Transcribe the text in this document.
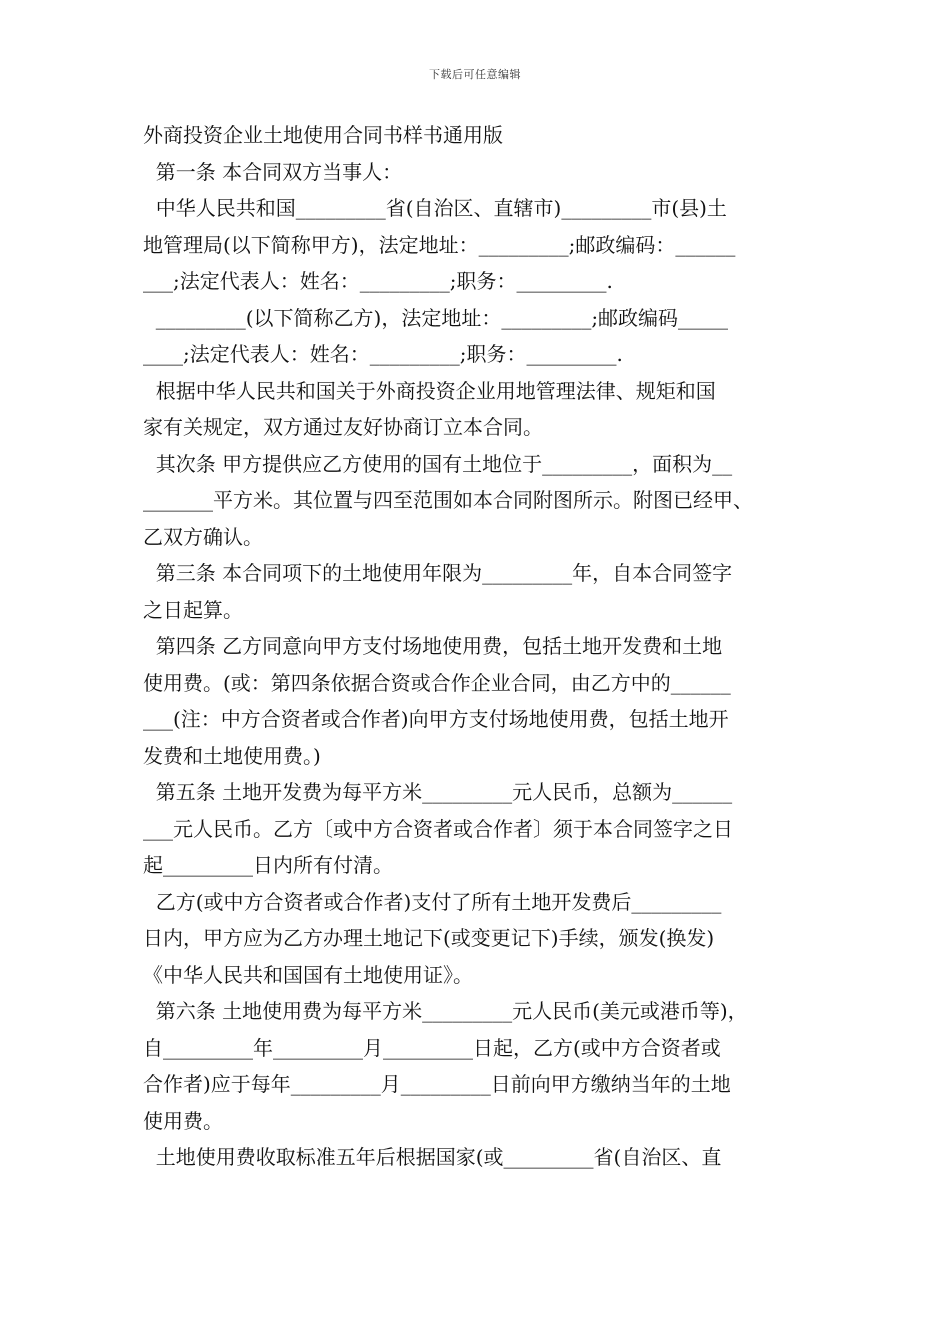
下载后可任意编辑
外商投资企业土地使用合同书样书通用版
第一条 本合同双方当事人：
中华人民共和国_________省(自治区、直辖市)_________市(县)土
地管理局(以下简称甲方)，法定地址：_________;邮政编码：______
___;法定代表人：姓名：_________;职务：_________.
_________(以下简称乙方)，法定地址：_________;邮政编码_____
____;法定代表人：姓名：_________;职务：_________.
根据中华人民共和国关于外商投资企业用地管理法律、规矩和国
家有关规定，双方通过友好协商订立本合同。
其次条 甲方提供应乙方使用的国有土地位于_________，面积为__
_______平方米。其位置与四至范围如本合同附图所示。附图已经甲、
乙双方确认。
第三条 本合同项下的土地使用年限为_________年，自本合同签字
之日起算。
第四条 乙方同意向甲方支付场地使用费，包括土地开发费和土地
使用费。(或：第四条依据合资或合作企业合同，由乙方中的______
___(注：中方合资者或合作者)向甲方支付场地使用费，包括土地开
发费和土地使用费。)
第五条 土地开发费为每平方米_________元人民币，总额为______
___元人民币。乙方〔或中方合资者或合作者〕须于本合同签字之日
起_________日内所有付清。
乙方(或中方合资者或合作者)支付了所有土地开发费后_________
日内，甲方应为乙方办理土地记下(或变更记下)手续，颁发(换发)
《中华人民共和国国有土地使用证》。
第六条 土地使用费为每平方米_________元人民币(美元或港币等)，
自_________年_________月_________日起，乙方(或中方合资者或
合作者)应于每年_________月_________日前向甲方缴纳当年的土地
使用费。
土地使用费收取标准五年后根据国家(或_________省(自治区、直
